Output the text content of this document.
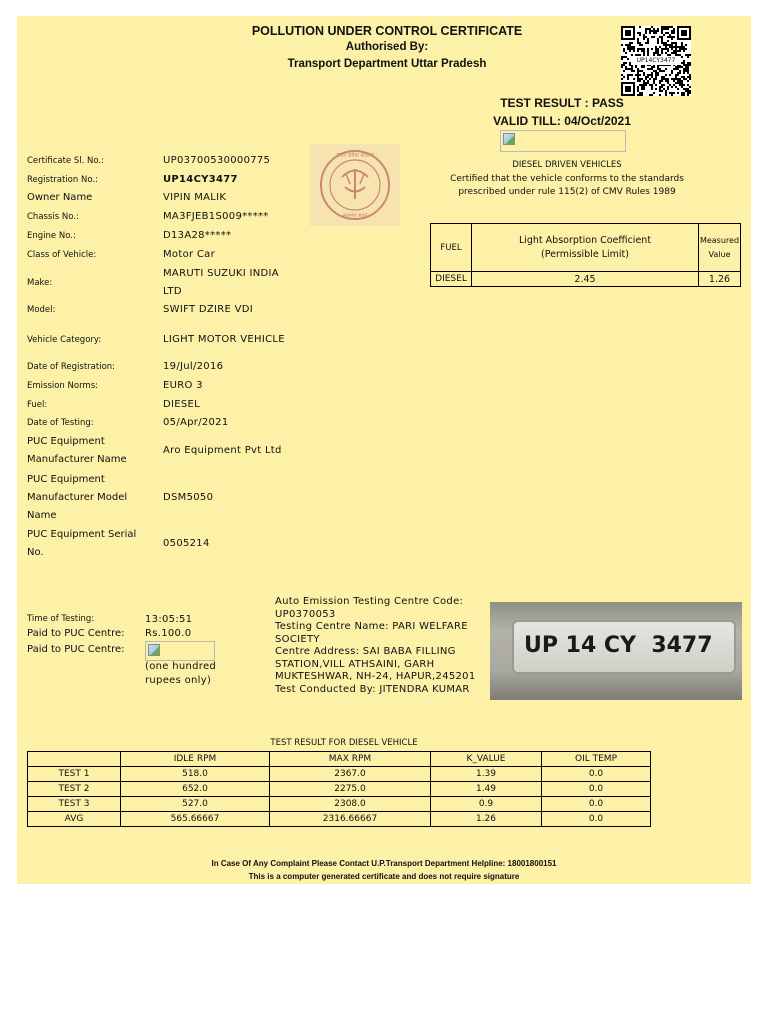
POLLUTION UNDER CONTROL CERTIFICATE
Authorised By:
Transport Department Uttar Pradesh	UP14CY3477
TEST RESULT : PASS
VALID TILL: 04/Oct/2021
उत्तर प्रदेश शासन
सत्यमेव जयते
Certificate Sl. No.:	UP03700530000775
Registration No.:	UP14CY3477
Owner Name	VIPIN MALIK
Chassis No.:	MA3FJEB1S009*****
Engine No.:	D13A28*****
Class of Vehicle:	Motor Car
Make:
MARUTI SUZUKI INDIA LTD
Model:	SWIFT DZIRE VDI
Vehicle Category:	LIGHT MOTOR VEHICLE
Date of Registration:	19/Jul/2016
Emission Norms:	EURO 3
Fuel:	DIESEL
Date of Testing:	05/Apr/2021
PUC Equipment Manufacturer Name
Aro Equipment Pvt Ltd
PUC Equipment Manufacturer Model Name
DSM5050
PUC Equipment Serial No.
0505214
DIESEL DRIVEN VEHICLES
Certified that the vehicle conforms to the standards prescribed under rule 115(2) of CMV Rules 1989
FUEL	Light Absorption Coefficient (Permissible Limit)	Measured Value
DIESEL	2.45	1.26
Time of Testing:	13:05:51
Paid to PUC Centre: Rs.100.0
Paid to PUC Centre:
(one hundred rupees only)
Auto Emission Testing Centre Code:
UP0370053
Testing Centre Name: PARI WELFARE SOCIETY
Centre Address: SAI BABA FILLING STATION,VILL ATHSAINI, GARH MUKTESHWAR, NH-24, HAPUR,245201
Test Conducted By: JITENDRA KUMAR
UP 14 CY  3477
TEST RESULT FOR DIESEL VEHICLE
	IDLE RPM	MAX RPM	K_VALUE	OIL TEMP
TEST 1	518.0	2367.0	1.39	0.0
TEST 2	652.0	2275.0	1.49	0.0
TEST 3	527.0	2308.0	0.9	0.0
AVG	565.66667	2316.66667	1.26	0.0
In Case Of Any Complaint Please Contact U.P.Transport Department Helpline: 18001800151
This is a computer generated certificate and does not require signature
